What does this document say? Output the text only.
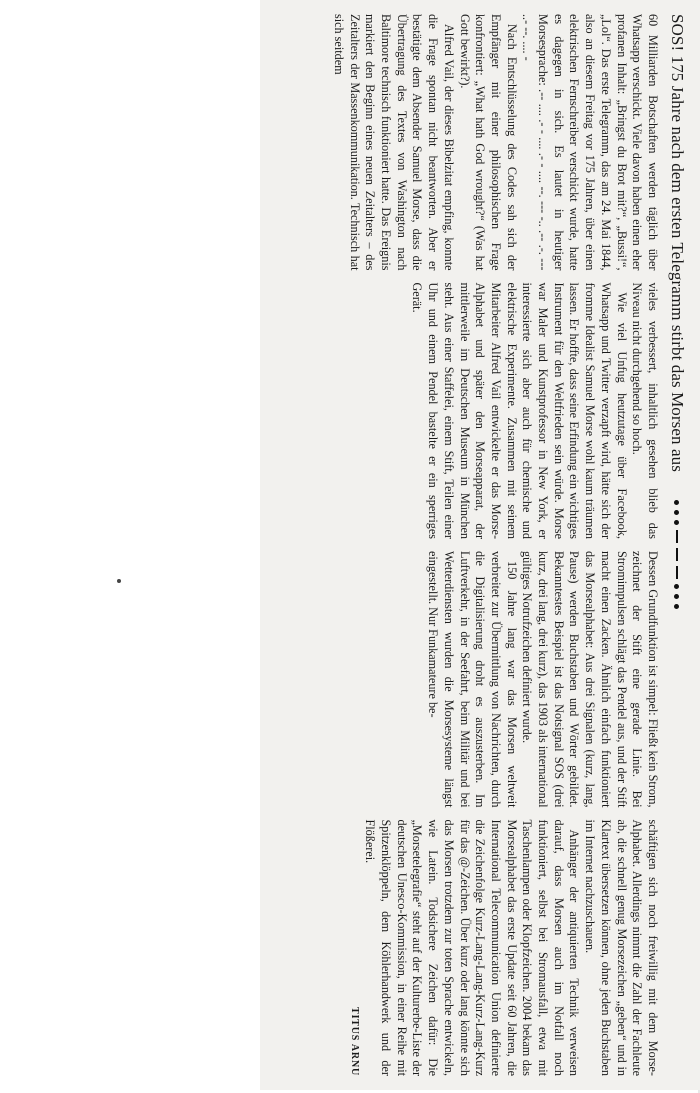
SOS! 175 Jahre nach dem ersten Telegramm stirbt das Morsen aus

60 Milliarden Botschaften werden täglich über Whatsapp verschickt. Viele davon haben einen eher profanen Inhalt: „Bringst du Brot mit?“, „Bussi!“, „Lol“. Das erste Telegramm, das am 24. Mai 1844, also an diesem Freitag vor 175 Jahren, über einen elektrischen Fernschreiber verschickt wurde, hatte es dagegen in sich. Es lautet in heutiger Morsesprache: .-- .... .- - .... .- - .... --. --- -.. .-- .-. --- ..- --. .... -

Nach Entschlüsselung des Codes sah sich der Empfänger mit einer philosophischen Frage konfrontiert: „What hath God wrought?“ (Was hat Gott bewirkt?).

Alfred Vail, der dieses Bibelzitat empfing, konnte die Frage spontan nicht beantworten. Aber er bestätigte dem Absender Samuel Morse, dass die Übertragung des Textes von Washington nach Baltimore technisch funktioniert hatte. Das Ereignis markiert den Beginn eines neuen Zeitalters – des Zeitalters der Massenkommunikation. Technisch hat sich seitdem

vieles verbessert, inhaltlich gesehen blieb das Niveau nicht durchgehend so hoch.

Wie viel Unfug heutzutage über Facebook, Whatsapp und Twitter verzapft wird, hätte sich der fromme Idealist Samuel Morse wohl kaum träumen lassen. Er hoffte, dass seine Erfindung ein wichtiges Instrument für den Weltfrieden sein würde. Morse war Maler und Kunstprofessor in New York, er interessierte sich aber auch für chemische und elektrische Experimente. Zusammen mit seinem Mitarbeiter Alfred Vail entwickelte er das Morse-Alphabet und später den Morseapparat, der mittlerweile im Deutschen Museum in München steht. Aus einer Staffelei, einem Stift, Teilen einer Uhr und einem Pendel bastelte er ein sperriges Gerät.

Dessen Grundfunktion ist simpel: Fließt kein Strom, zeichnet der Stift eine gerade Linie. Bei Stromimpulsen schlägt das Pendel aus, und der Stift macht einen Zacken. Ähnlich einfach funktioniert das Morsealphabet: Aus drei Signalen (kurz, lang, Pause) werden Buchstaben und Wörter gebildet. Bekanntestes Beispiel ist das Notsignal SOS (drei kurz, drei lang, drei kurz), das 1903 als international gültiges Notrufzeichen definiert wurde.

150 Jahre lang war das Morsen weltweit verbreitet zur Übermittlung von Nachrichten, durch die Digitalisierung droht es auszusterben. Im Luftverkehr, in der Seefahrt, beim Militär und bei Wetterdiensten wurden die Morsesysteme längst eingestellt. Nur Funkamateure be-

schäftigen sich noch freiwillig mit dem Morse-Alphabet. Allerdings nimmt die Zahl der Fachleute ab, die schnell genug Morsezeichen „geben“ und in Klartext übersetzen können, ohne jeden Buchstaben im Internet nachzuschauen.

Anhänger der antiquierten Technik verweisen darauf, dass Morsen auch im Notfall noch funktioniert, selbst bei Stromausfall, etwa mit Taschenlampen oder Klopfzeichen. 2004 bekam das Morsealphabet das erste Update seit 60 Jahren, die International Telecommunication Union definierte die Zeichenfolge Kurz-Lang-Lang-Kurz-Lang-Kurz für das @-Zeichen. Über kurz oder lang könnte sich das Morsen trotzdem zur toten Sprache entwickeln, wie Latein. Todsichere Zeichen dafür: Die „Morsetelegrafie“ steht auf der Kulturerbe-Liste der deutschen Unesco-Kommission, in einer Reihe mit Spitzenklöppeln, dem Köhlerhandwerk und der Flößerei.

TITUS ARNU
